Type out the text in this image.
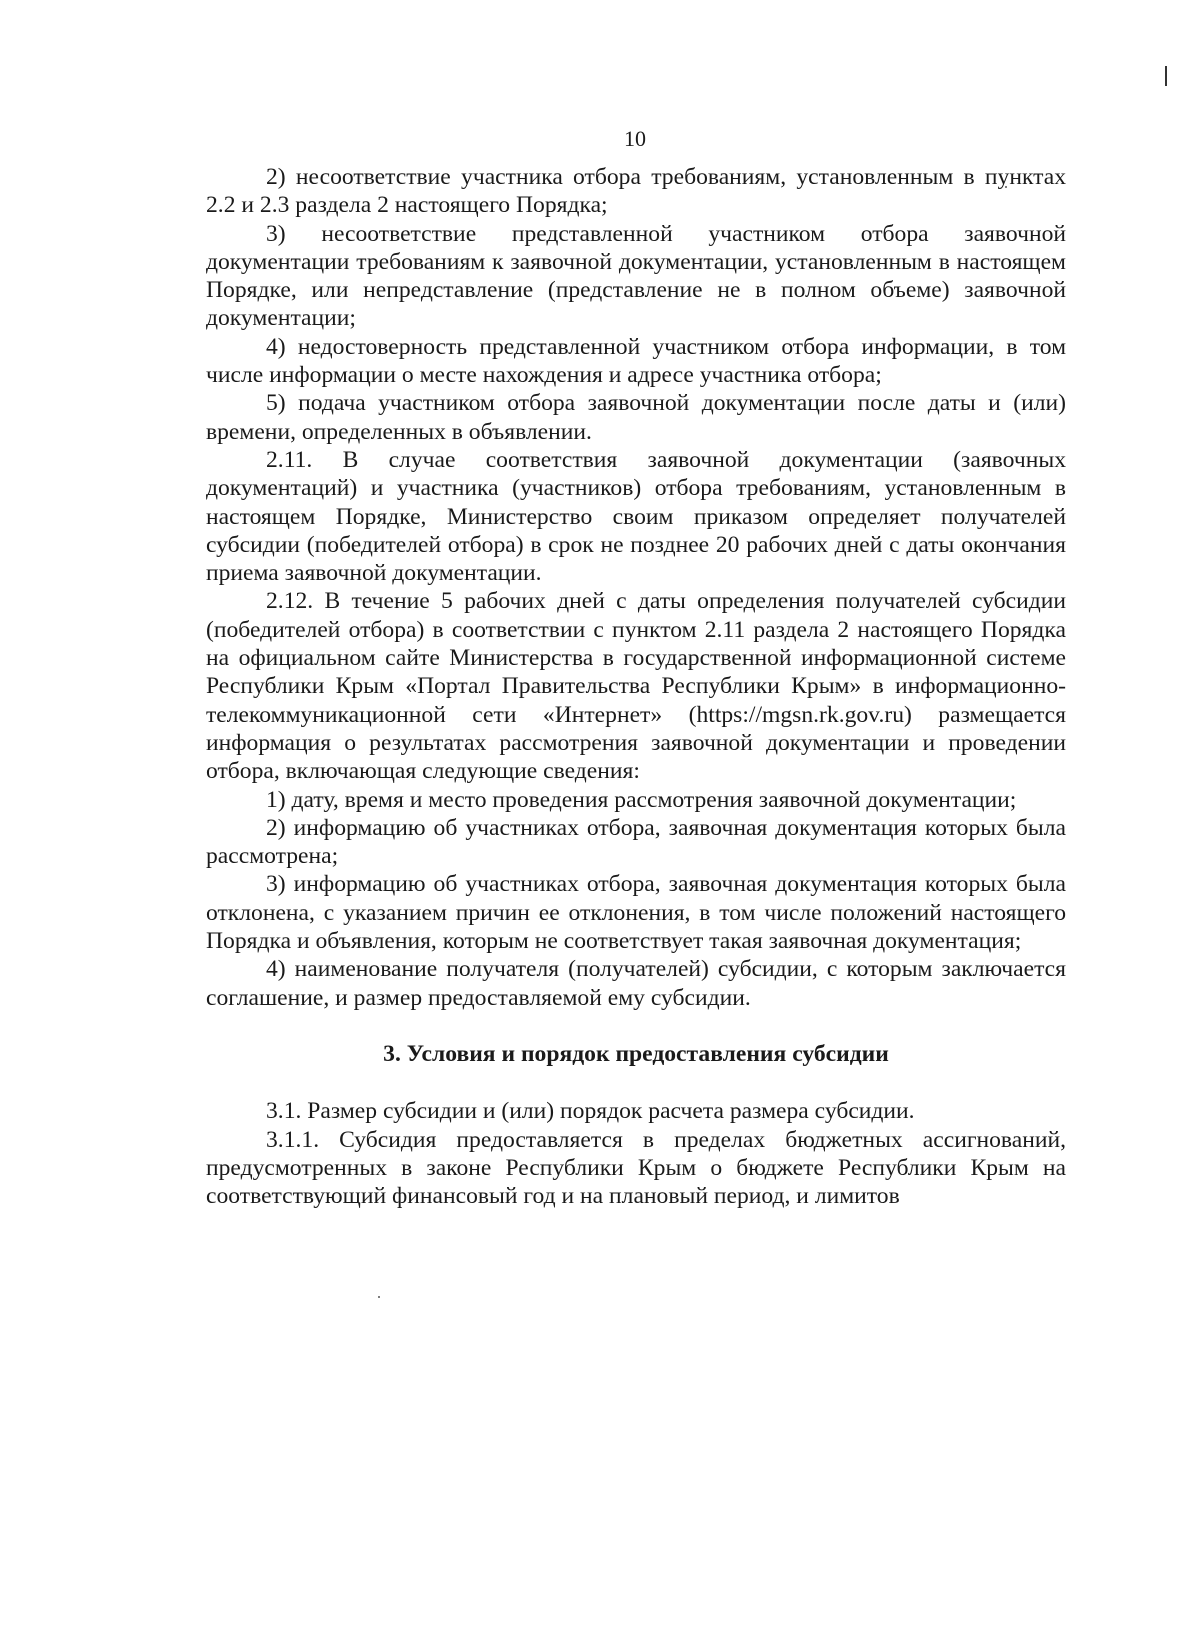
10

2) несоответствие участника отбора требованиям, установленным в пунктах 2.2 и 2.3 раздела 2 настоящего Порядка;

3) несоответствие представленной участником отбора заявочной документации требованиям к заявочной документации, установленным в настоящем Порядке, или непредставление (представление не в полном объеме) заявочной документации;

4) недостоверность представленной участником отбора информации, в том числе информации о месте нахождения и адресе участника отбора;

5) подача участником отбора заявочной документации после даты и (или) времени, определенных в объявлении.

2.11. В случае соответствия заявочной документации (заявочных документаций) и участника (участников) отбора требованиям, установленным в настоящем Порядке, Министерство своим приказом определяет получателей субсидии (победителей отбора) в срок не позднее 20 рабочих дней с даты окончания приема заявочной документации.

2.12. В течение 5 рабочих дней с даты определения получателей субсидии (победителей отбора) в соответствии с пунктом 2.11 раздела 2 настоящего Порядка на официальном сайте Министерства в государственной информационной системе Республики Крым «Портал Правительства Республики Крым» в информационно-телекоммуникационной сети «Интернет» (https://mgsn.rk.gov.ru) размещается информация о результатах рассмотрения заявочной документации и проведении отбора, включающая следующие сведения:

1) дату, время и место проведения рассмотрения заявочной документации;

2) информацию об участниках отбора, заявочная документация которых была рассмотрена;

3) информацию об участниках отбора, заявочная документация которых была отклонена, с указанием причин ее отклонения, в том числе положений настоящего Порядка и объявления, которым не соответствует такая заявочная документация;

4) наименование получателя (получателей) субсидии, с которым заключается соглашение, и размер предоставляемой ему субсидии.

3. Условия и порядок предоставления субсидии

3.1. Размер субсидии и (или) порядок расчета размера субсидии.

3.1.1. Субсидия предоставляется в пределах бюджетных ассигнований, предусмотренных в законе Республики Крым о бюджете Республики Крым на соответствующий финансовый год и на плановый период, и лимитов
